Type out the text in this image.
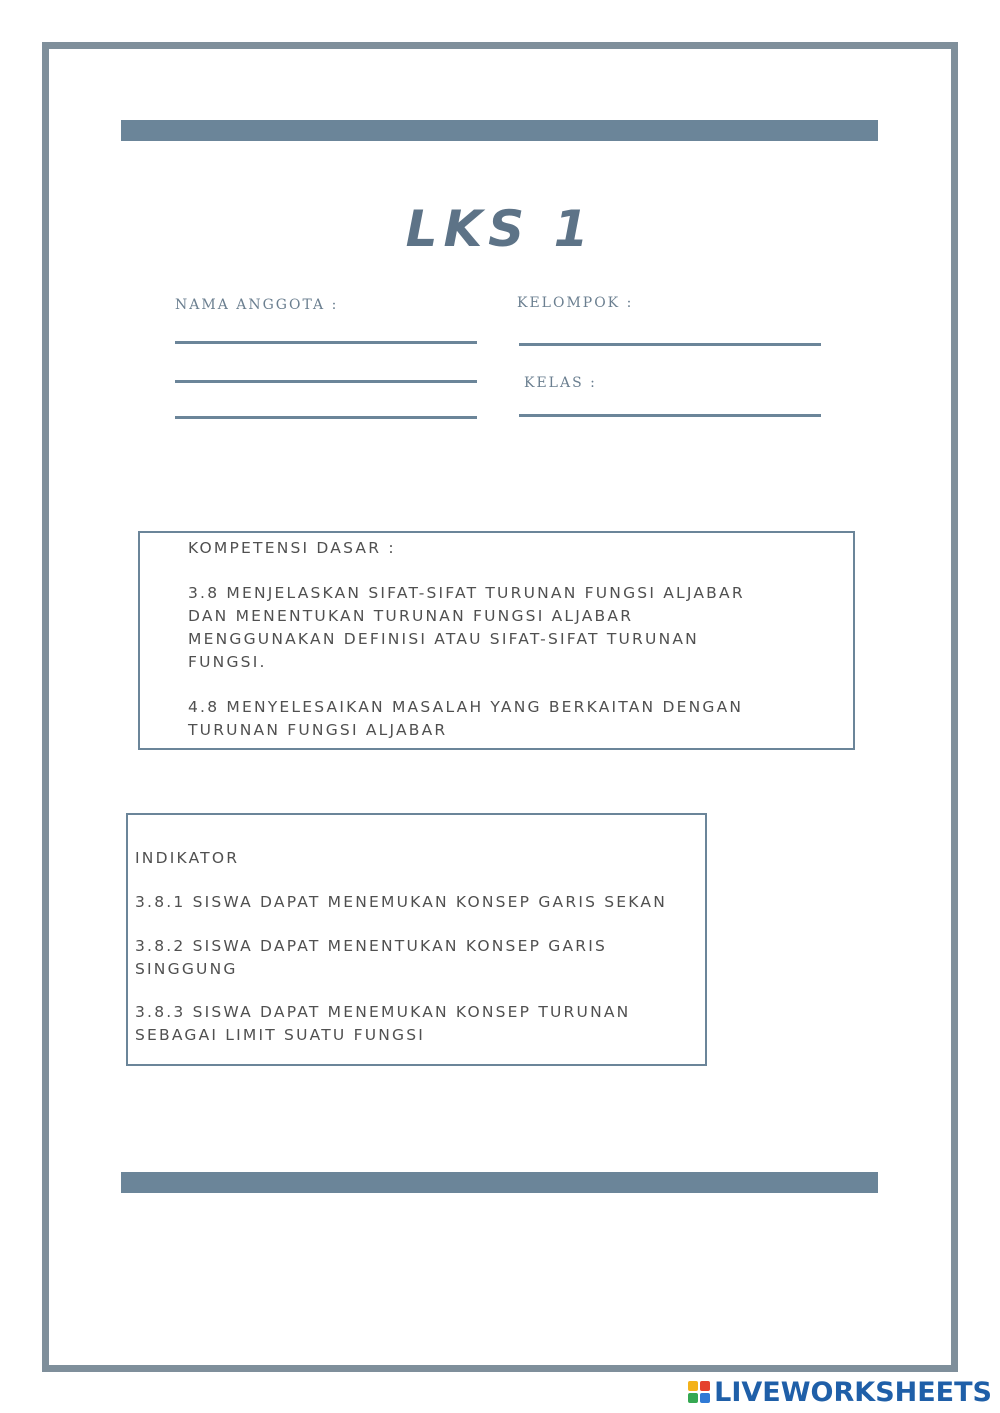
LKS 1
NAMA ANGGOTA :	KELOMPOK :
KELAS :

KOMPETENSI DASAR :

3.8 MENJELASKAN SIFAT-SIFAT TURUNAN FUNGSI ALJABAR
DAN MENENTUKAN TURUNAN FUNGSI ALJABAR
MENGGUNAKAN DEFINISI ATAU SIFAT-SIFAT TURUNAN
FUNGSI.

4.8 MENYELESAIKAN MASALAH YANG BERKAITAN DENGAN
TURUNAN FUNGSI ALJABAR

INDIKATOR

3.8.1 SISWA DAPAT MENEMUKAN KONSEP GARIS SEKAN

3.8.2 SISWA DAPAT MENENTUKAN KONSEP GARIS
SINGGUNG

3.8.3 SISWA DAPAT MENEMUKAN KONSEP TURUNAN
SEBAGAI LIMIT SUATU FUNGSI

LIVEWORKSHEETS
